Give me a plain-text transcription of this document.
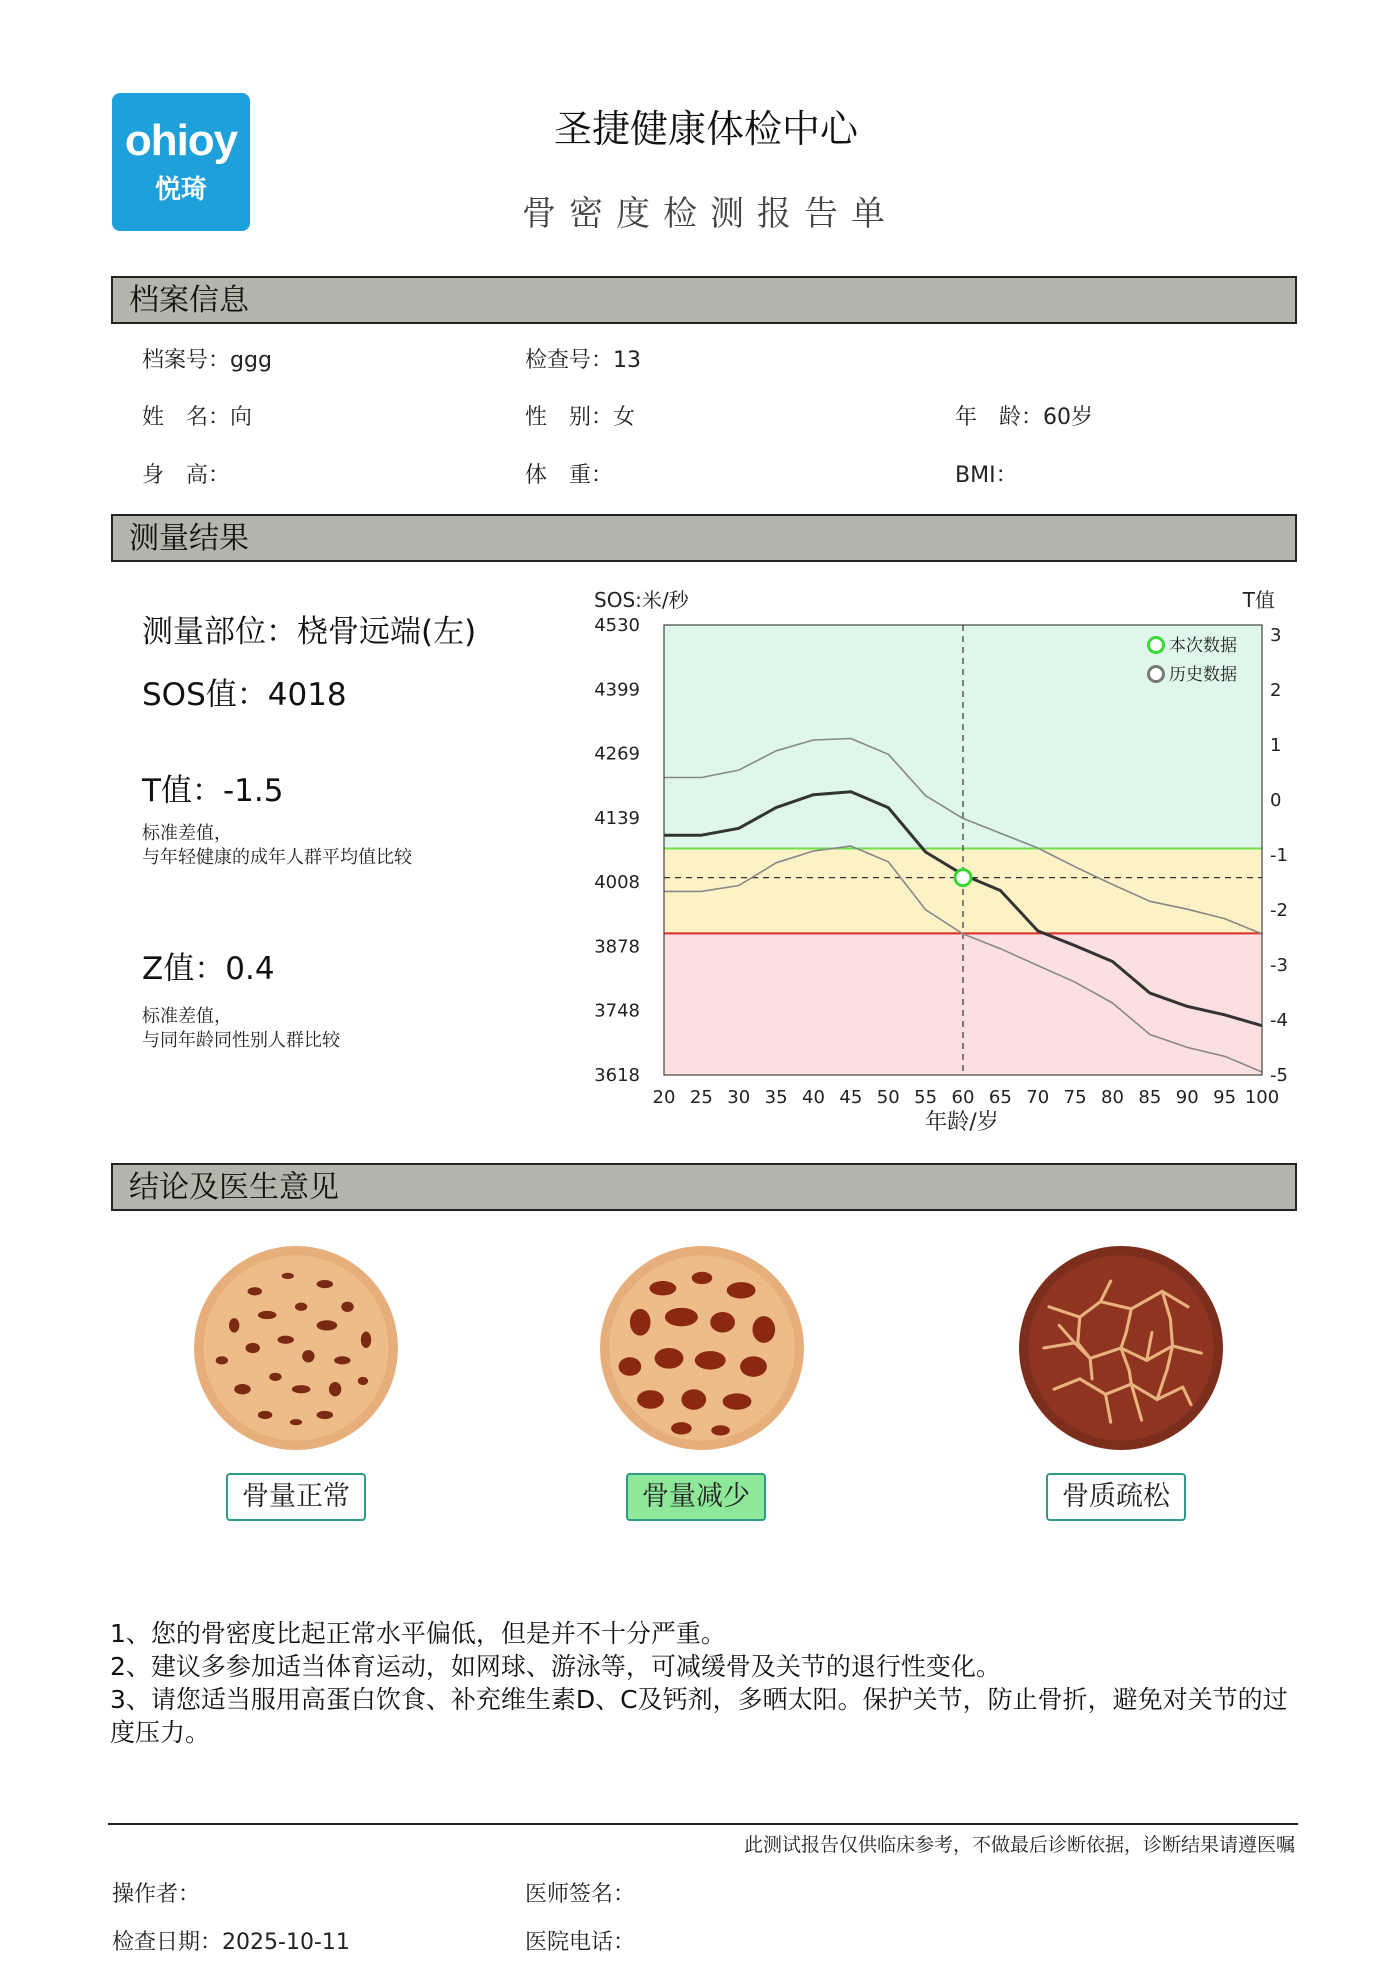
ohioy
悦琦
圣捷健康体检中心
骨密度检测报告单
档案信息
档案号：ggg	检查号：13
姓　名：向	性　别：女	年　龄：60岁
身　高：	体　重：	BMI：
测量结果
测量部位：桡骨远端(左)
SOS值：4018
T值：-1.5
标准差值，
与年轻健康的成年人群平均值比较
Z值：0.4
标准差值，
与同年龄同性别人群比较
SOS:米/秒	T值
4530
4399
4269
4139
4008
3878
3748
3618
3
2
1
0
-1
-2
-3
-4
-5
20 25 30 35 40 45 50 55 60 65 70 75 80 85 90 95 100
年龄/岁
本次数据
历史数据
结论及医生意见
骨量正常	骨量减少	骨质疏松

1、您的骨密度比起正常水平偏低，但是并不十分严重。

2、建议多参加适当体育运动，如网球、游泳等，可减缓骨及关节的退行性变化。

3、请您适当服用高蛋白饮食、补充维生素D、C及钙剂，多晒太阳。保护关节，防止骨折，避免对关节的过度压力。

此测试报告仅供临床参考，不做最后诊断依据，诊断结果请遵医嘱
操作者：	医师签名：
检查日期：2025-10-11	医院电话：
